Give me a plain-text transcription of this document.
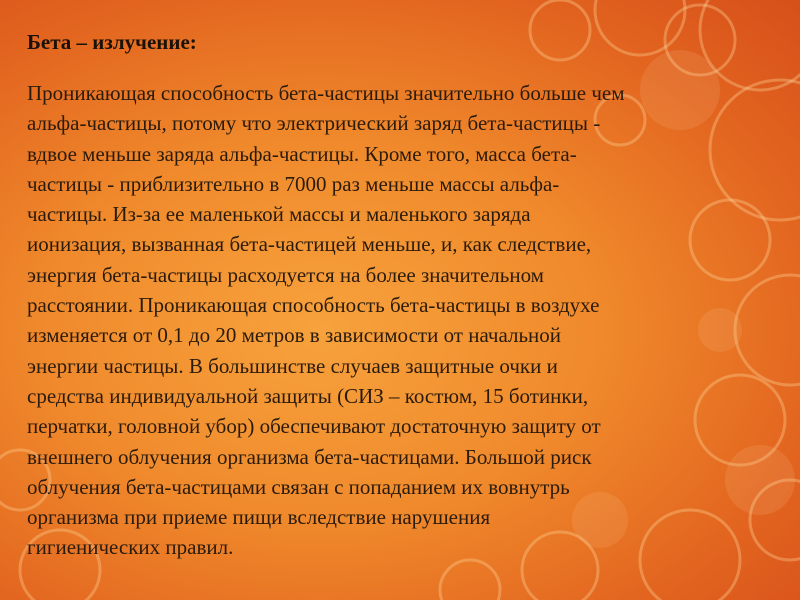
Бета – излучение:

Проникающая способность бета-частицы значительно больше чем
альфа-частицы, потому что электрический заряд бета-частицы -
вдвое меньше заряда альфа-частицы. Кроме того, масса бета-
частицы - приблизительно в 7000 раз меньше массы альфа-
частицы. Из-за ее маленькой массы и маленького заряда
ионизация, вызванная бета-частицей меньше, и, как следствие,
энергия бета-частицы расходуется на более значительном
расстоянии. Проникающая способность бета-частицы в воздухе
изменяется от 0,1 до 20 метров в зависимости от начальной
энергии частицы. В большинстве случаев защитные очки и
средства индивидуальной защиты (СИЗ – костюм, 15 ботинки,
перчатки, головной убор) обеспечивают достаточную защиту от
внешнего облучения организма бета-частицами. Большой риск
облучения бета-частицами связан с попаданием их вовнутрь
организма при приеме пищи вследствие нарушения
гигиенических правил.
